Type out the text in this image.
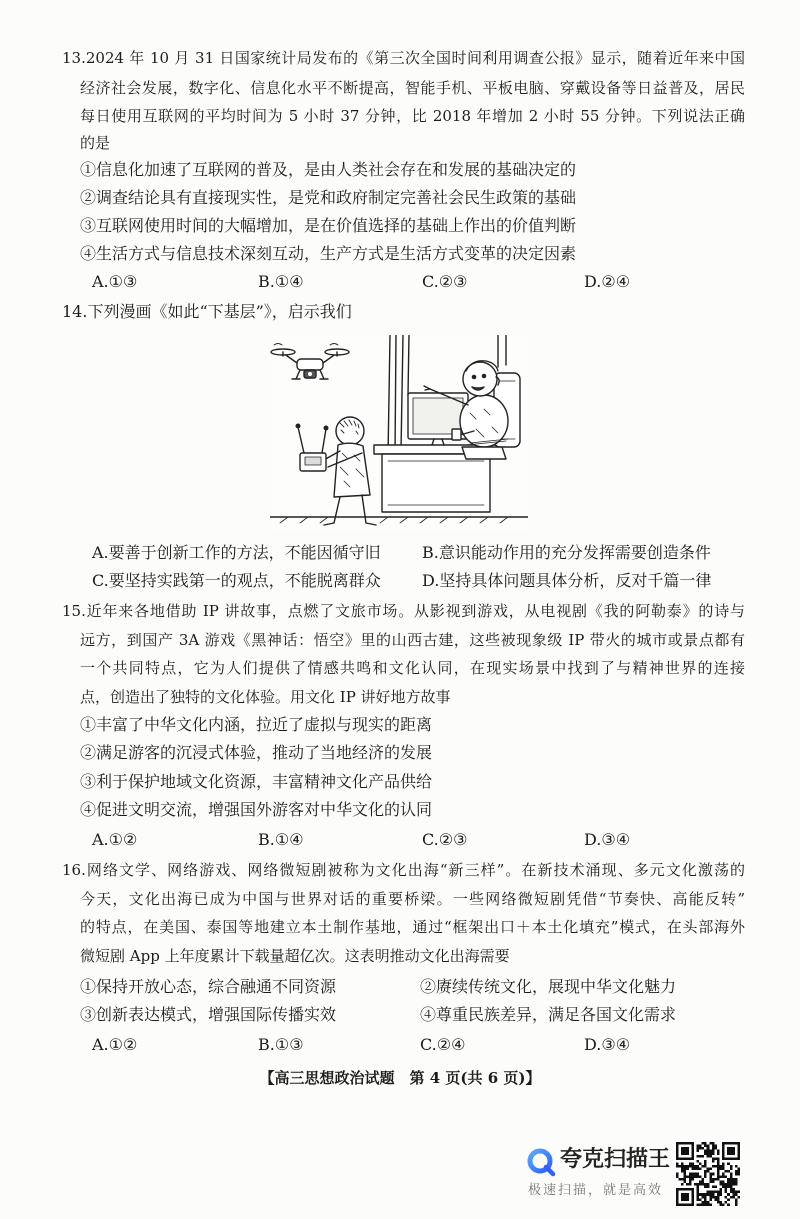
13.2024 年 10 月 31 日国家统计局发布的《第三次全国时间利用调查公报》显示，随着近年来中国
经济社会发展，数字化、信息化水平不断提高，智能手机、平板电脑、穿戴设备等日益普及，居民
每日使用互联网的平均时间为 5 小时 37 分钟，比 2018 年增加 2 小时 55 分钟。下列说法正确
的是
①信息化加速了互联网的普及，是由人类社会存在和发展的基础决定的
②调查结论具有直接现实性，是党和政府制定完善社会民生政策的基础
③互联网使用时间的大幅增加，是在价值选择的基础上作出的价值判断
④生活方式与信息技术深刻互动，生产方式是生活方式变革的决定因素
A.①③	B.①④	C.②③	D.②④
14.下列漫画《如此“下基层”》，启示我们
A.要善于创新工作的方法，不能因循守旧	B.意识能动作用的充分发挥需要创造条件
C.要坚持实践第一的观点，不能脱离群众	D.坚持具体问题具体分析，反对千篇一律
15.近年来各地借助 IP 讲故事，点燃了文旅市场。从影视到游戏，从电视剧《我的阿勒泰》的诗与
远方，到国产 3A 游戏《黑神话：悟空》里的山西古建，这些被现象级 IP 带火的城市或景点都有
一个共同特点，它为人们提供了情感共鸣和文化认同，在现实场景中找到了与精神世界的连接
点，创造出了独特的文化体验。用文化 IP 讲好地方故事
①丰富了中华文化内涵，拉近了虚拟与现实的距离
②满足游客的沉浸式体验，推动了当地经济的发展
③利于保护地域文化资源，丰富精神文化产品供给
④促进文明交流，增强国外游客对中华文化的认同
A.①②	B.①④	C.②③	D.③④
16.网络文学、网络游戏、网络微短剧被称为文化出海“新三样”。在新技术涌现、多元文化激荡的
今天，文化出海已成为中国与世界对话的重要桥梁。一些网络微短剧凭借“节奏快、高能反转”
的特点，在美国、泰国等地建立本土制作基地，通过“框架出口＋本土化填充”模式，在头部海外
微短剧 App 上年度累计下载量超亿次。这表明推动文化出海需要
①保持开放心态，综合融通不同资源	②赓续传统文化，展现中华文化魅力
③创新表达模式，增强国际传播实效	④尊重民族差异，满足各国文化需求
A.①②	B.①③	C.②④	D.③④
【高三思想政治试题　第 4 页(共 6 页)】
夸克扫描王
极速扫描，就是高效
